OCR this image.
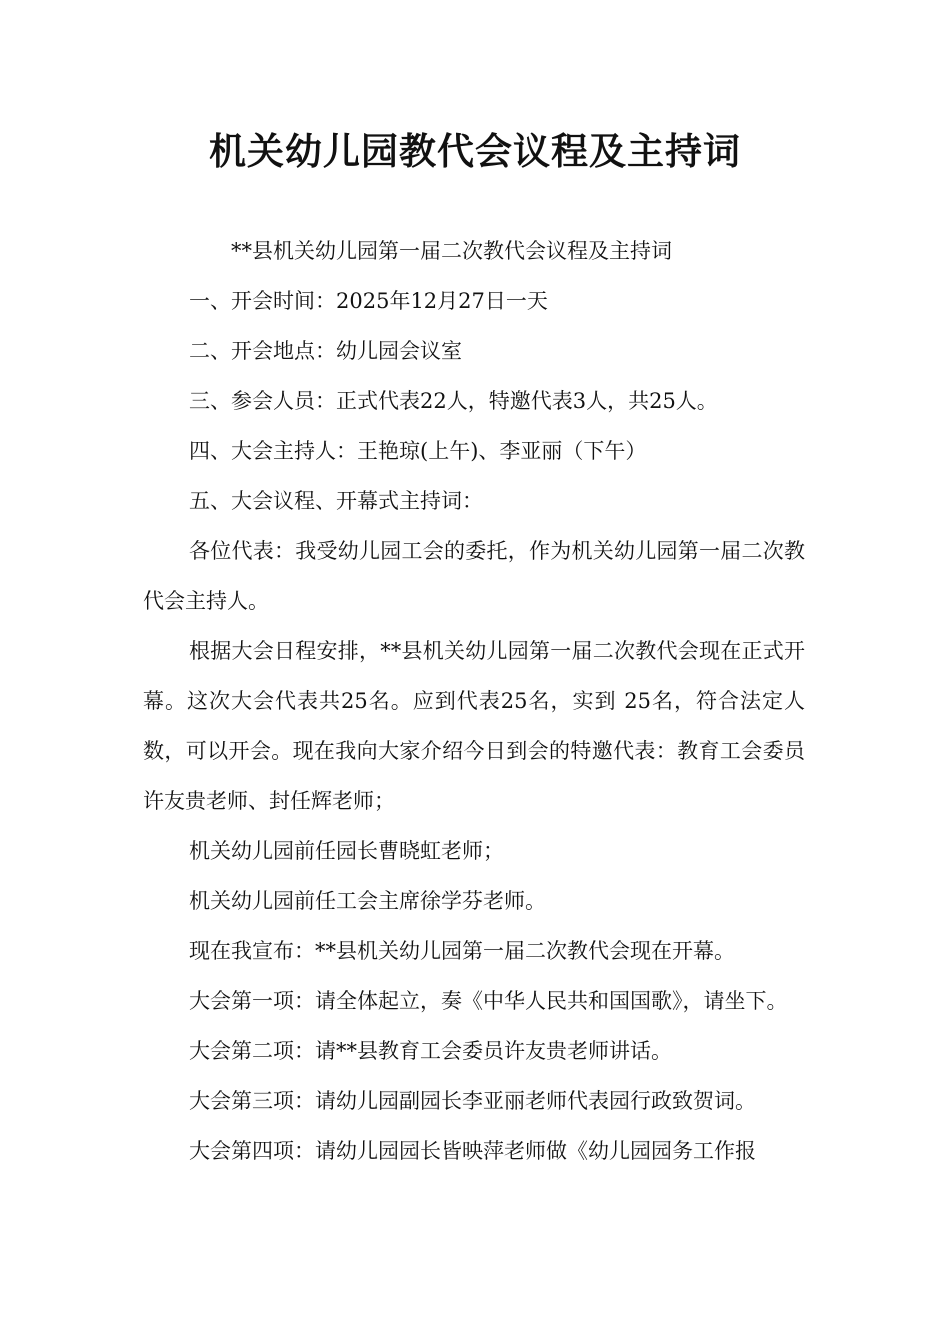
机关幼儿园教代会议程及主持词

**县机关幼儿园第一届二次教代会议程及主持词

一、开会时间：2025年12月27日一天

二、开会地点：幼儿园会议室

三、参会人员：正式代表22人，特邀代表3人，共25人。

四、大会主持人：王艳琼(上午)、李亚丽（下午）

五、大会议程、开幕式主持词：

各位代表：我受幼儿园工会的委托，作为机关幼儿园第一届二次教代会主持人。

根据大会日程安排，**县机关幼儿园第一届二次教代会现在正式开幕。这次大会代表共25名。应到代表25名，实到 25名，符合法定人数，可以开会。现在我向大家介绍今日到会的特邀代表：教育工会委员许友贵老师、封任辉老师；

机关幼儿园前任园长曹晓虹老师；

机关幼儿园前任工会主席徐学芬老师。

现在我宣布：**县机关幼儿园第一届二次教代会现在开幕。

大会第一项：请全体起立，奏《中华人民共和国国歌》，请坐下。

大会第二项：请**县教育工会委员许友贵老师讲话。

大会第三项：请幼儿园副园长李亚丽老师代表园行政致贺词。

大会第四项：请幼儿园园长皆映萍老师做《幼儿园园务工作报
